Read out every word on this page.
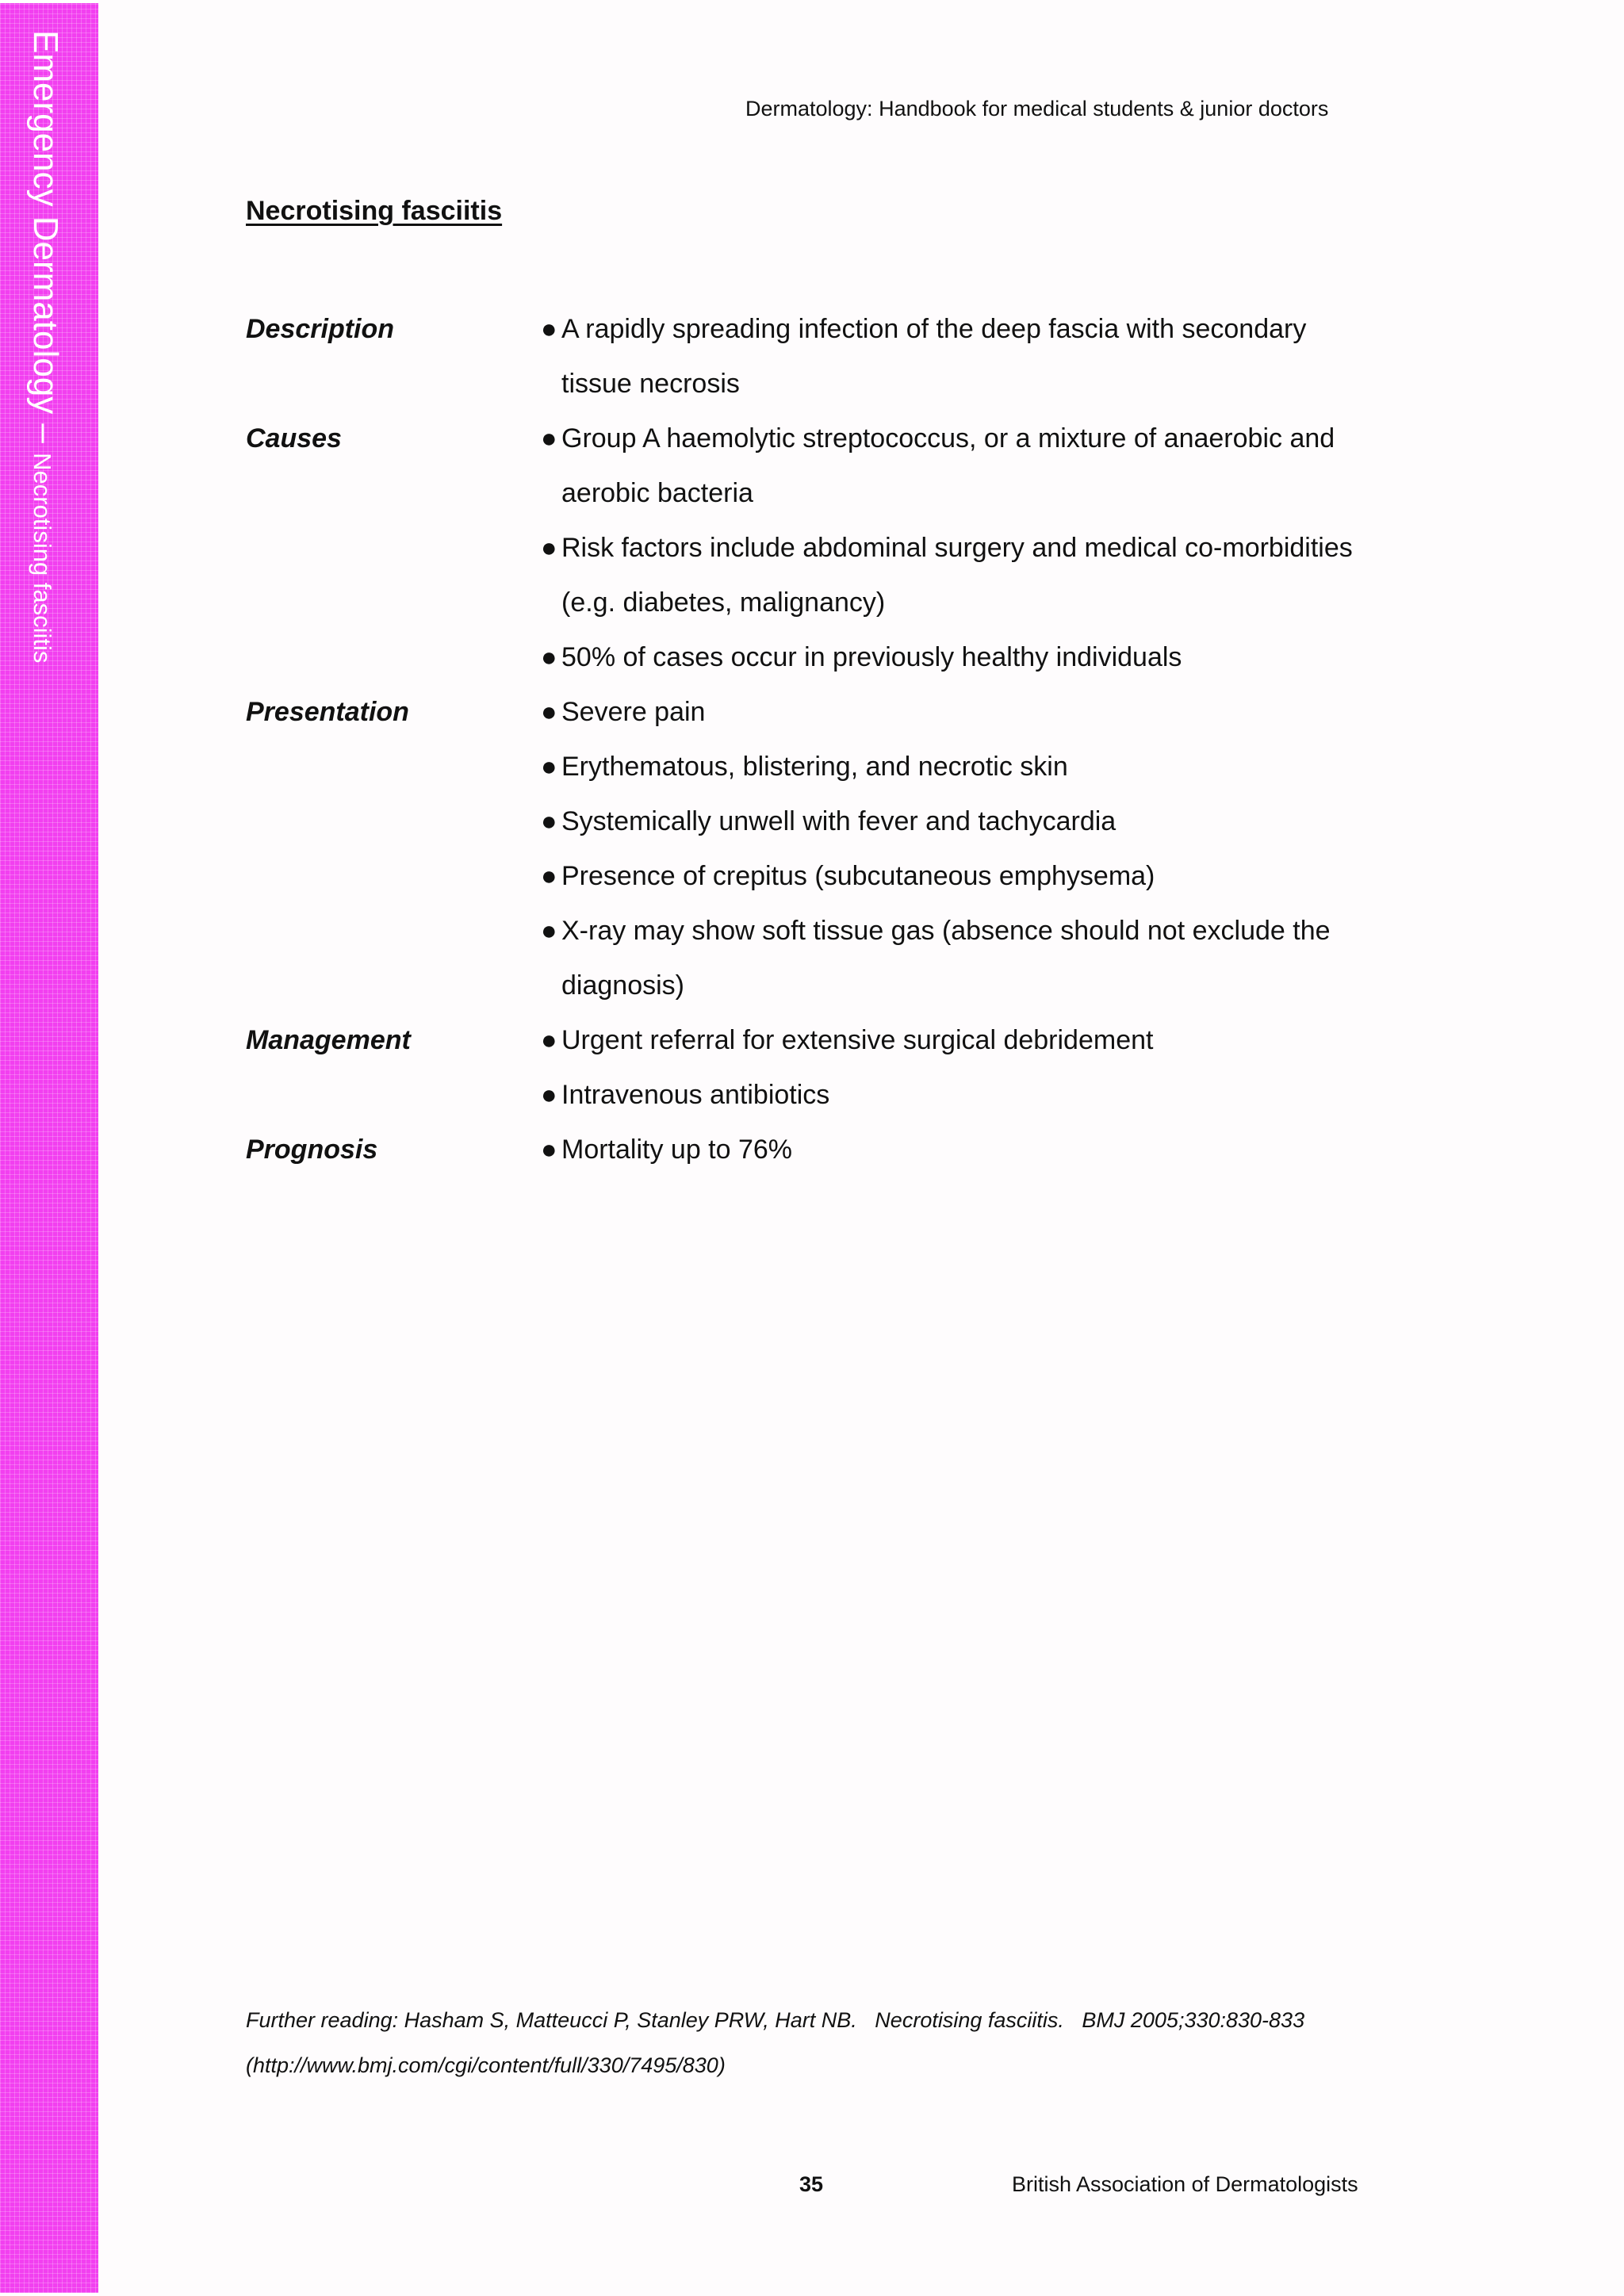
Emergency Dermatology – Necrotising fasciitis
Dermatology: Handbook for medical students & junior doctors
Necrotising fasciitis
Description	● A rapidly spreading infection of the deep fascia with secondary
tissue necrosis
Causes	● Group A haemolytic streptococcus, or a mixture of anaerobic and
aerobic bacteria
● Risk factors include abdominal surgery and medical co-morbidities
(e.g. diabetes, malignancy)
● 50% of cases occur in previously healthy individuals
Presentation	● Severe pain
● Erythematous, blistering, and necrotic skin
● Systemically unwell with fever and tachycardia
● Presence of crepitus (subcutaneous emphysema)
● X-ray may show soft tissue gas (absence should not exclude the
diagnosis)
Management	● Urgent referral for extensive surgical debridement
● Intravenous antibiotics
Prognosis	● Mortality up to 76%
Further reading: Hasham S, Matteucci P, Stanley PRW, Hart NB.   Necrotising fasciitis.   BMJ 2005;330:830-833
(http://www.bmj.com/cgi/content/full/330/7495/830)
35	British Association of Dermatologists
